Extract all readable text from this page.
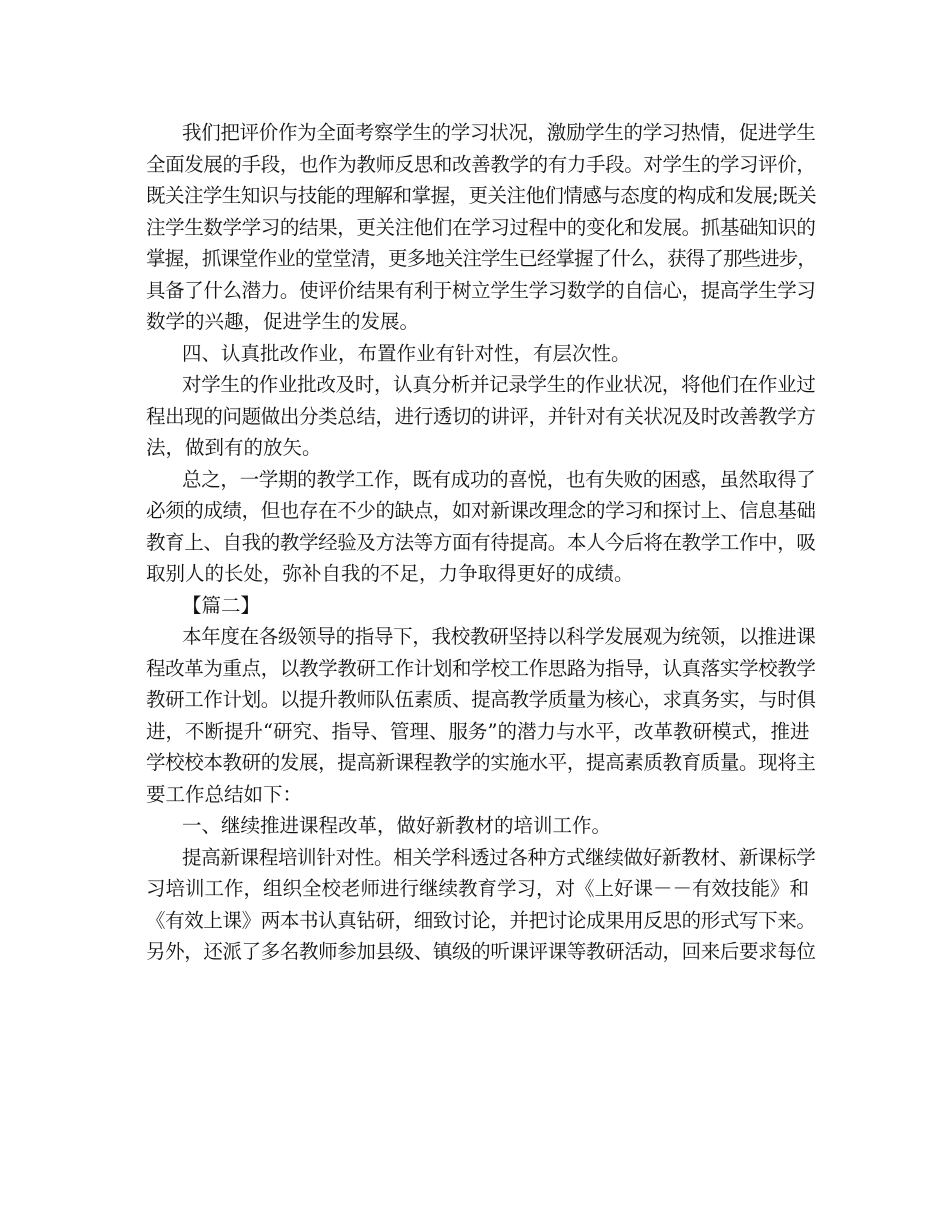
我们把评价作为全面考察学生的学习状况，激励学生的学习热情，促进学生
全面发展的手段，也作为教师反思和改善教学的有力手段。对学生的学习评价，
既关注学生知识与技能的理解和掌握，更关注他们情感与态度的构成和发展;既关
注学生数学学习的结果，更关注他们在学习过程中的变化和发展。抓基础知识的
掌握，抓课堂作业的堂堂清，更多地关注学生已经掌握了什么，获得了那些进步，
具备了什么潜力。使评价结果有利于树立学生学习数学的自信心，提高学生学习
数学的兴趣，促进学生的发展。
四、认真批改作业，布置作业有针对性，有层次性。
对学生的作业批改及时，认真分析并记录学生的作业状况，将他们在作业过
程出现的问题做出分类总结，进行透切的讲评，并针对有关状况及时改善教学方
法，做到有的放矢。
总之，一学期的教学工作，既有成功的喜悦，也有失败的困惑，虽然取得了
必须的成绩，但也存在不少的缺点，如对新课改理念的学习和探讨上、信息基础
教育上、自我的教学经验及方法等方面有待提高。本人今后将在教学工作中，吸
取别人的长处，弥补自我的不足，力争取得更好的成绩。
【篇二】
本年度在各级领导的指导下，我校教研坚持以科学发展观为统领，以推进课
程改革为重点，以教学教研工作计划和学校工作思路为指导，认真落实学校教学
教研工作计划。以提升教师队伍素质、提高教学质量为核心，求真务实，与时俱
进，不断提升“研究、指导、管理、服务”的潜力与水平，改革教研模式，推进
学校校本教研的发展，提高新课程教学的实施水平，提高素质教育质量。现将主
要工作总结如下：
一、继续推进课程改革，做好新教材的培训工作。
提高新课程培训针对性。相关学科透过各种方式继续做好新教材、新课标学
习培训工作，组织全校老师进行继续教育学习，对《上好课－－有效技能》和
《有效上课》两本书认真钻研，细致讨论，并把讨论成果用反思的形式写下来。
另外，还派了多名教师参加县级、镇级的听课评课等教研活动，回来后要求每位
